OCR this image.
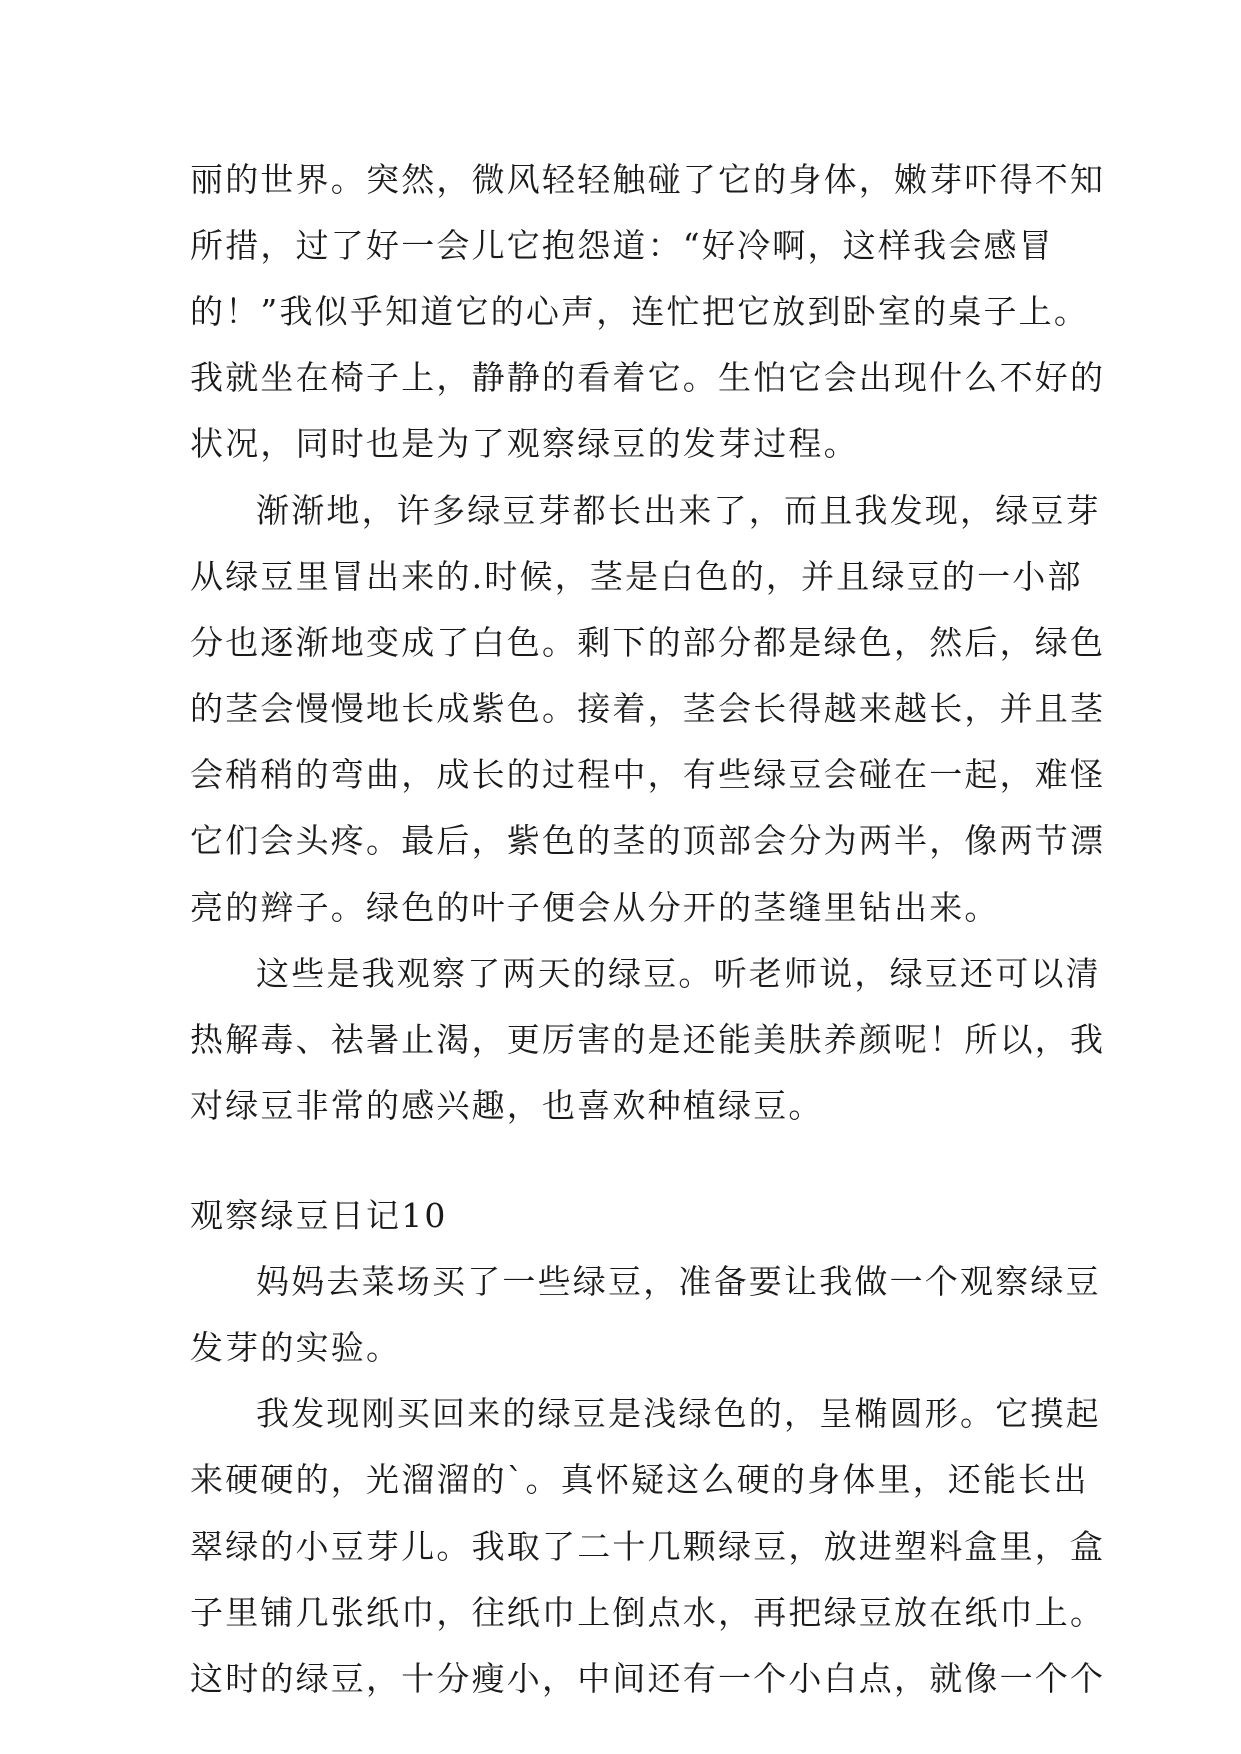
丽的世界。突然，微风轻轻触碰了它的身体，嫩芽吓得不知
所措，过了好一会儿它抱怨道：“好冷啊，这样我会感冒
的！”我似乎知道它的心声，连忙把它放到卧室的桌子上。
我就坐在椅子上，静静的看着它。生怕它会出现什么不好的
状况，同时也是为了观察绿豆的发芽过程。
渐渐地，许多绿豆芽都长出来了，而且我发现，绿豆芽
从绿豆里冒出来的.时候，茎是白色的，并且绿豆的一小部
分也逐渐地变成了白色。剩下的部分都是绿色，然后，绿色
的茎会慢慢地长成紫色。接着，茎会长得越来越长，并且茎
会稍稍的弯曲，成长的过程中，有些绿豆会碰在一起，难怪
它们会头疼。最后，紫色的茎的顶部会分为两半，像两节漂
亮的辫子。绿色的叶子便会从分开的茎缝里钻出来。
这些是我观察了两天的绿豆。听老师说，绿豆还可以清
热解毒、祛暑止渴，更厉害的是还能美肤养颜呢！所以，我
对绿豆非常的感兴趣，也喜欢种植绿豆。
观察绿豆日记10
妈妈去菜场买了一些绿豆，准备要让我做一个观察绿豆
发芽的实验。
我发现刚买回来的绿豆是浅绿色的，呈椭圆形。它摸起
来硬硬的，光溜溜的`。真怀疑这么硬的身体里，还能长出
翠绿的小豆芽儿。我取了二十几颗绿豆，放进塑料盒里，盒
子里铺几张纸巾，往纸巾上倒点水，再把绿豆放在纸巾上。
这时的绿豆，十分瘦小，中间还有一个小白点，就像一个个
